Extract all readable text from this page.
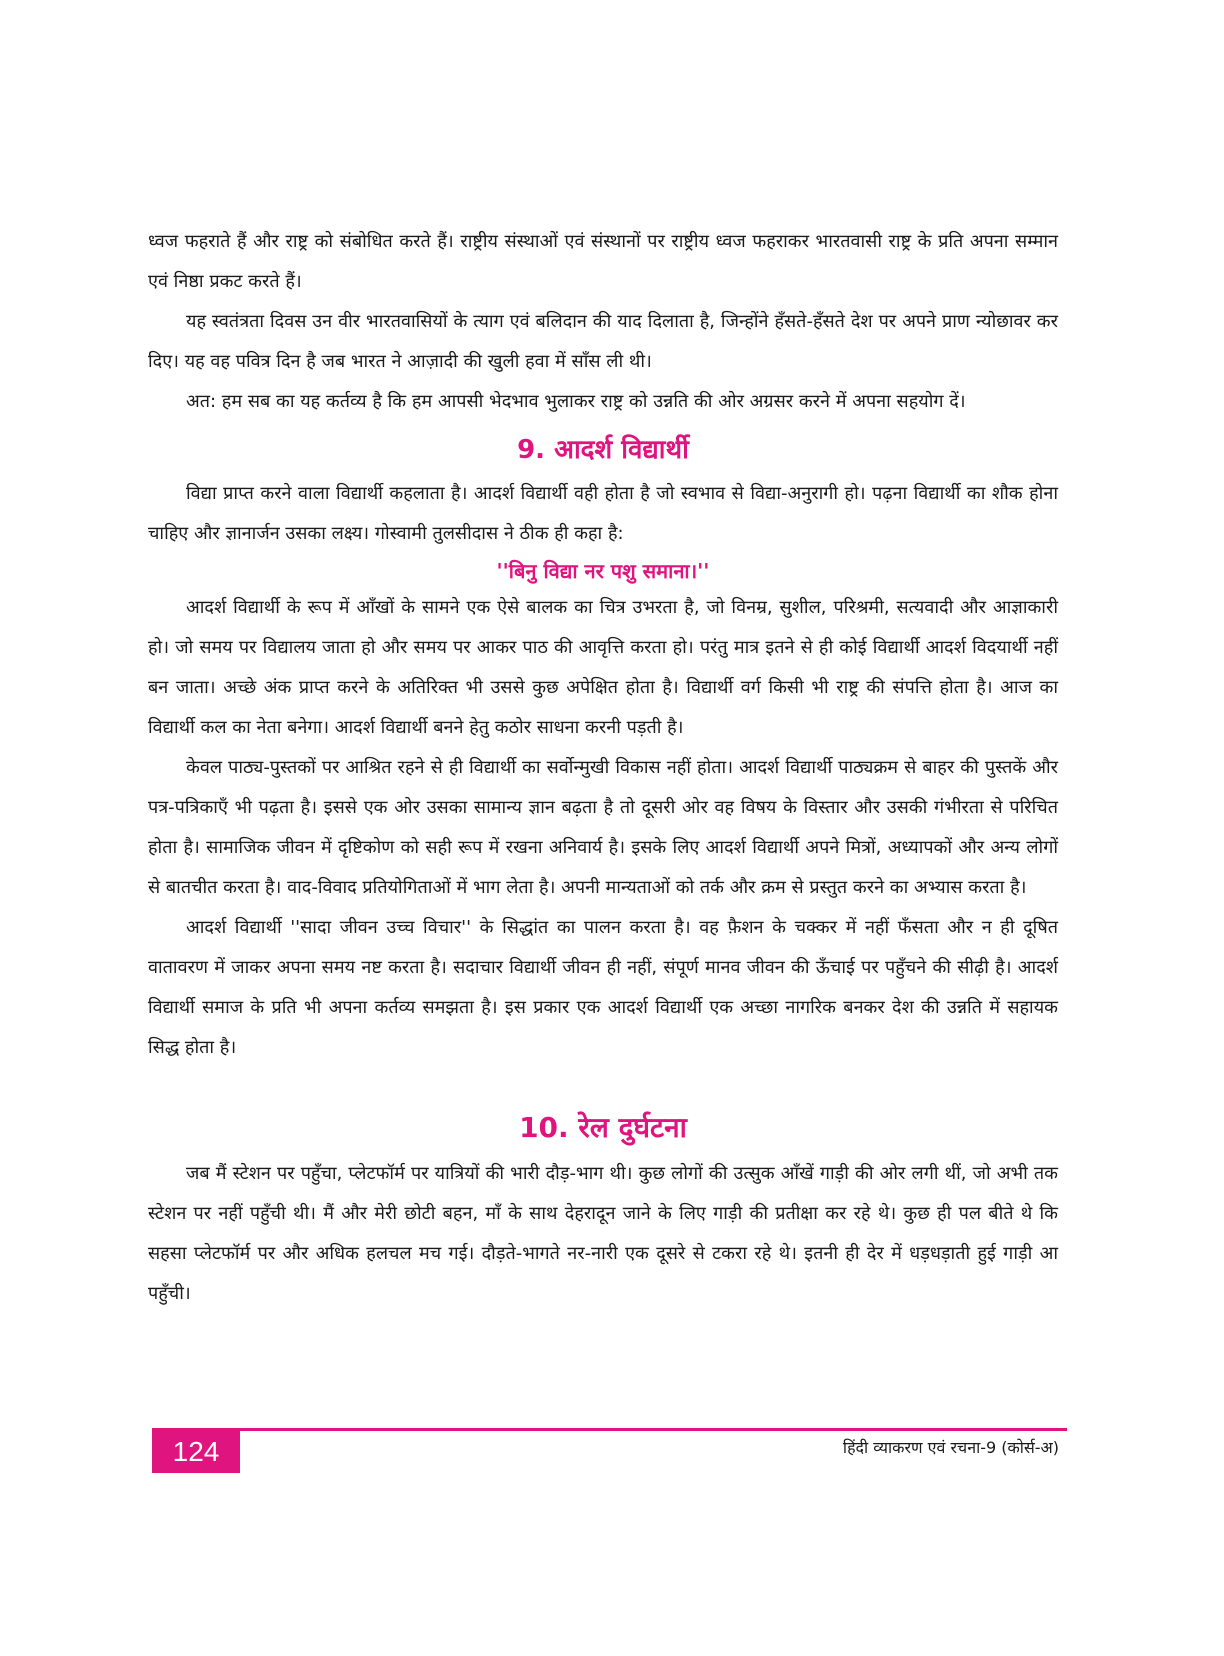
ध्वज फहराते हैं और राष्ट्र को संबोधित करते हैं। राष्ट्रीय संस्थाओं एवं संस्थानों पर राष्ट्रीय ध्वज फहराकर भारतवासी राष्ट्र के प्रति अपना सम्मान एवं निष्ठा प्रकट करते हैं।

यह स्वतंत्रता दिवस उन वीर भारतवासियों के त्याग एवं बलिदान की याद दिलाता है, जिन्होंने हँसते-हँसते देश पर अपने प्राण न्योछावर कर दिए। यह वह पवित्र दिन है जब भारत ने आज़ादी की खुली हवा में साँस ली थी।

अत: हम सब का यह कर्तव्य है कि हम आपसी भेदभाव भुलाकर राष्ट्र को उन्नति की ओर अग्रसर करने में अपना सहयोग दें।

9. आदर्श विद्यार्थी

विद्या प्राप्त करने वाला विद्यार्थी कहलाता है। आदर्श विद्यार्थी वही होता है जो स्वभाव से विद्या-अनुरागी हो। पढ़ना विद्यार्थी का शौक होना चाहिए और ज्ञानार्जन उसका लक्ष्य। गोस्वामी तुलसीदास ने ठीक ही कहा है:

''बिनु विद्या नर पशु समाना।''

आदर्श विद्यार्थी के रूप में आँखों के सामने एक ऐसे बालक का चित्र उभरता है, जो विनम्र, सुशील, परिश्रमी, सत्यवादी और आज्ञाकारी हो। जो समय पर विद्यालय जाता हो और समय पर आकर पाठ की आवृत्ति करता हो। परंतु मात्र इतने से ही कोई विद्यार्थी आदर्श विदयार्थी नहीं बन जाता। अच्छे अंक प्राप्त करने के अतिरिक्त भी उससे कुछ अपेक्षित होता है। विद्यार्थी वर्ग किसी भी राष्ट्र की संपत्ति होता है। आज का विद्यार्थी कल का नेता बनेगा। आदर्श विद्यार्थी बनने हेतु कठोर साधना करनी पड़ती है।

केवल पाठ्य-पुस्तकों पर आश्रित रहने से ही विद्यार्थी का सर्वोन्मुखी विकास नहीं होता। आदर्श विद्यार्थी पाठ्यक्रम से बाहर की पुस्तकें और पत्र-पत्रिकाएँ भी पढ़ता है। इससे एक ओर उसका सामान्य ज्ञान बढ़ता है तो दूसरी ओर वह विषय के विस्तार और उसकी गंभीरता से परिचित होता है। सामाजिक जीवन में दृष्टिकोण को सही रूप में रखना अनिवार्य है। इसके लिए आदर्श विद्यार्थी अपने मित्रों, अध्यापकों और अन्य लोगों से बातचीत करता है। वाद-विवाद प्रतियोगिताओं में भाग लेता है। अपनी मान्यताओं को तर्क और क्रम से प्रस्तुत करने का अभ्यास करता है।

आदर्श विद्यार्थी ''सादा जीवन उच्च विचार'' के सिद्धांत का पालन करता है। वह फ़ैशन के चक्कर में नहीं फँसता और न ही दूषित वातावरण में जाकर अपना समय नष्ट करता है। सदाचार विद्यार्थी जीवन ही नहीं, संपूर्ण मानव जीवन की ऊँचाई पर पहुँचने की सीढ़ी है। आदर्श विद्यार्थी समाज के प्रति भी अपना कर्तव्य समझता है। इस प्रकार एक आदर्श विद्यार्थी एक अच्छा नागरिक बनकर देश की उन्नति में सहायक सिद्ध होता है।

10. रेल दुर्घटना

जब मैं स्टेशन पर पहुँचा, प्लेटफॉर्म पर यात्रियों की भारी दौड़-भाग थी। कुछ लोगों की उत्सुक आँखें गाड़ी की ओर लगी थीं, जो अभी तक स्टेशन पर नहीं पहुँची थी। मैं और मेरी छोटी बहन, माँ के साथ देहरादून जाने के लिए गाड़ी की प्रतीक्षा कर रहे थे। कुछ ही पल बीते थे कि सहसा प्लेटफॉर्म पर और अधिक हलचल मच गई। दौड़ते-भागते नर-नारी एक दूसरे से टकरा रहे थे। इतनी ही देर में धड़धड़ाती हुई गाड़ी आ पहुँची।

124	हिंदी व्याकरण एवं रचना-9 (कोर्स-अ)
